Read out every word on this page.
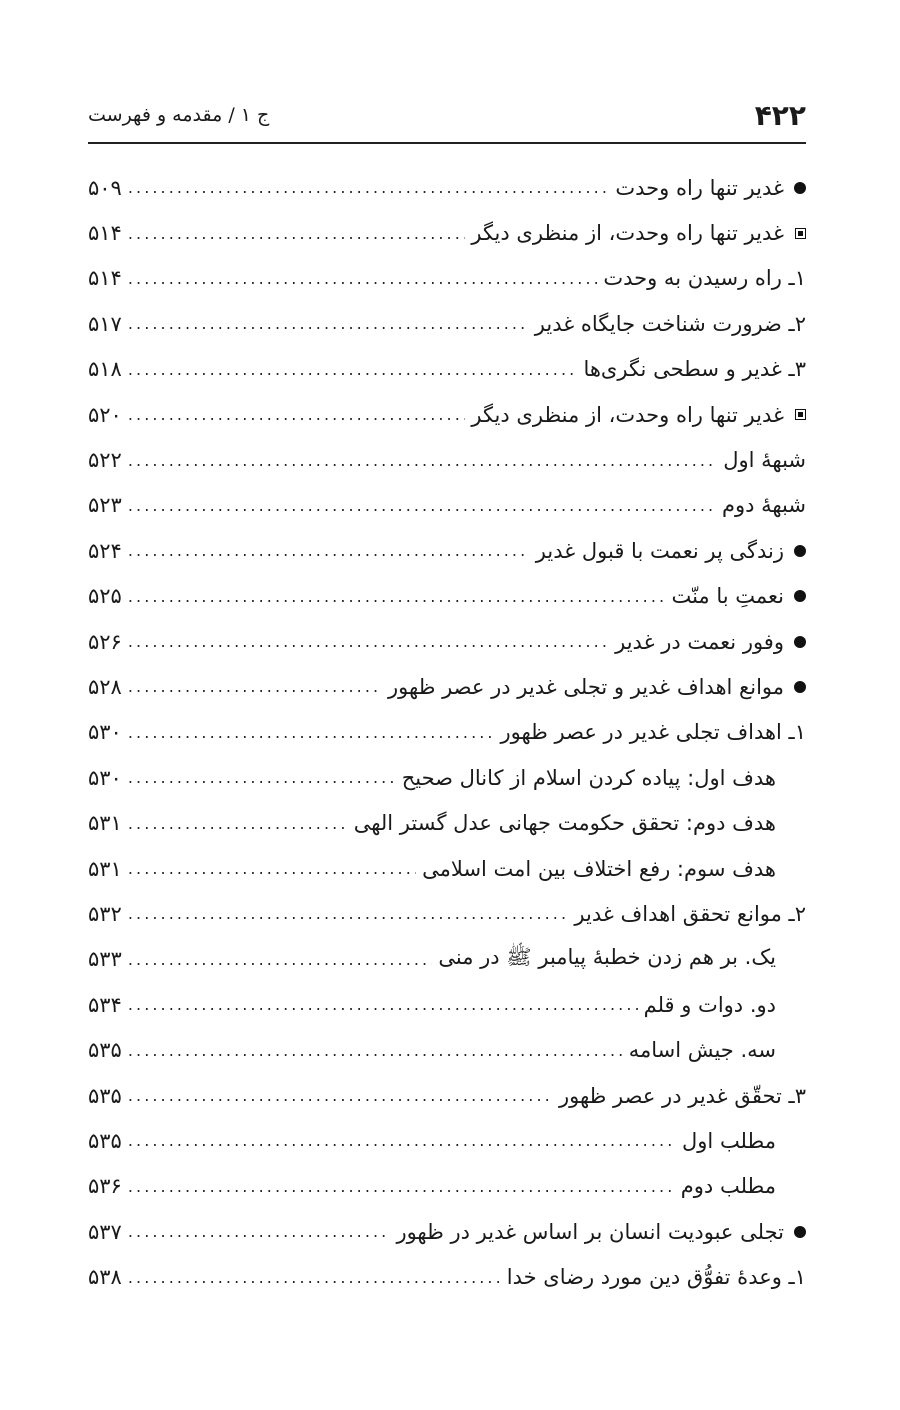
۴۲۲
ج ۱ / مقدمه و فهرست
غدیر تنها راه وحدت
. . .
۵۰۹
غدیر تنها راه وحدت، از منظری دیگر
. . .
۵۱۴
۱ـ راه رسیدن به وحدت
. . .
۵۱۴
۲ـ ضرورت شناخت جایگاه غدیر
. . .
۵۱۷
۳ـ غدیر و سطحی نگری‌ها
. . .
۵۱۸
غدیر تنها راه وحدت، از منظری دیگر
. . .
۵۲۰
شبههٔ اول
. . .
۵۲۲
شبههٔ دوم
. . .
۵۲۳
زندگی پر نعمت با قبول غدیر
. . .
۵۲۴
نعمتِ با منّت
. . .
۵۲۵
وفور نعمت در غدیر
. . .
۵۲۶
موانع اهداف غدیر و تجلی غدیر در عصر ظهور
. . .
۵۲۸
۱ـ اهداف تجلی غدیر در عصر ظهور
. . .
۵۳۰
هدف اول: پیاده کردن اسلام از کانال صحیح
. . .
۵۳۰
هدف دوم: تحقق حکومت جهانی عدل گستر الهی
. . .
۵۳۱
هدف سوم: رفع اختلاف بین امت اسلامی
. . .
۵۳۱
۲ـ موانع تحقق اهداف غدیر
. . .
۵۳۲
یک. بر هم زدن خطبهٔ پیامبر ﷺ در منی
. . .
۵۳۳
دو. دوات و قلم
. . .
۵۳۴
سه. جیش اسامه
. . .
۵۳۵
۳ـ تحقّق غدیر در عصر ظهور
. . .
۵۳۵
مطلب اول
. . .
۵۳۵
مطلب دوم
. . .
۵۳۶
تجلی عبودیت انسان بر اساس غدیر در ظهور
. . .
۵۳۷
۱ـ وعدهٔ تفوُّق دین مورد رضای خدا
. . .
۵۳۸
